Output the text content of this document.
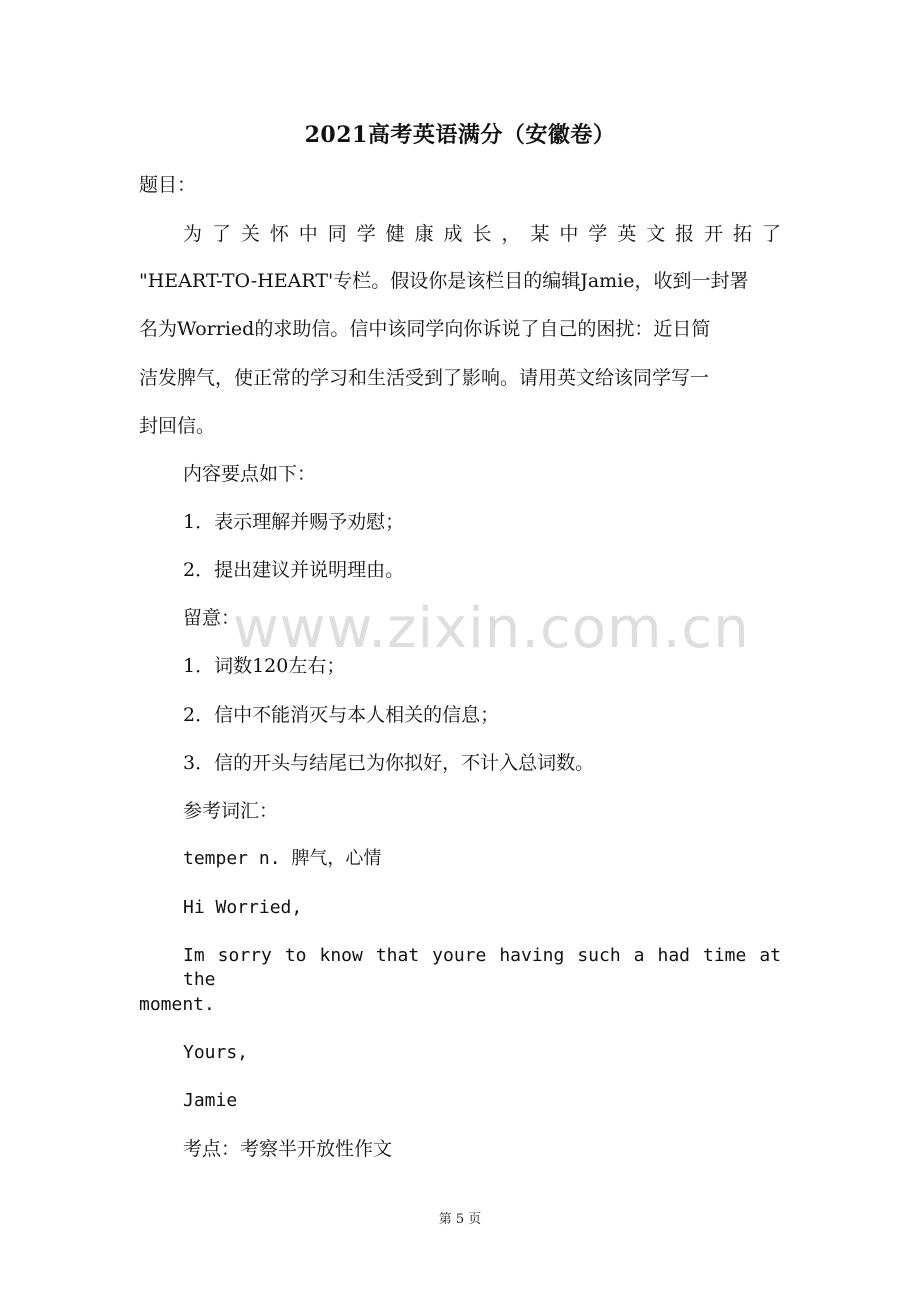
2021高考英语满分（安徽卷）
题目：
为了关怀中同学健康成长，某中学英文报开拓了
"HEART-TO-HEART'专栏。假设你是该栏目的编辑Jamie，收到一封署
名为Worried的求助信。信中该同学向你诉说了自己的困扰：近日简
洁发脾气，使正常的学习和生活受到了影响。请用英文给该同学写一
封回信。
内容要点如下：
1．表示理解并赐予劝慰；
2．提出建议并说明理由。
留意：
1．词数120左右；
2．信中不能消灭与本人相关的信息；
3．信的开头与结尾已为你拟好，不计入总词数。
参考词汇：
temper n. 脾气，心情
Hi Worried,
Im sorry to know that youre having such a had time at the
moment.
Yours,
Jamie
考点：考察半开放性作文
www.zixin.com.cn
第 5 页
